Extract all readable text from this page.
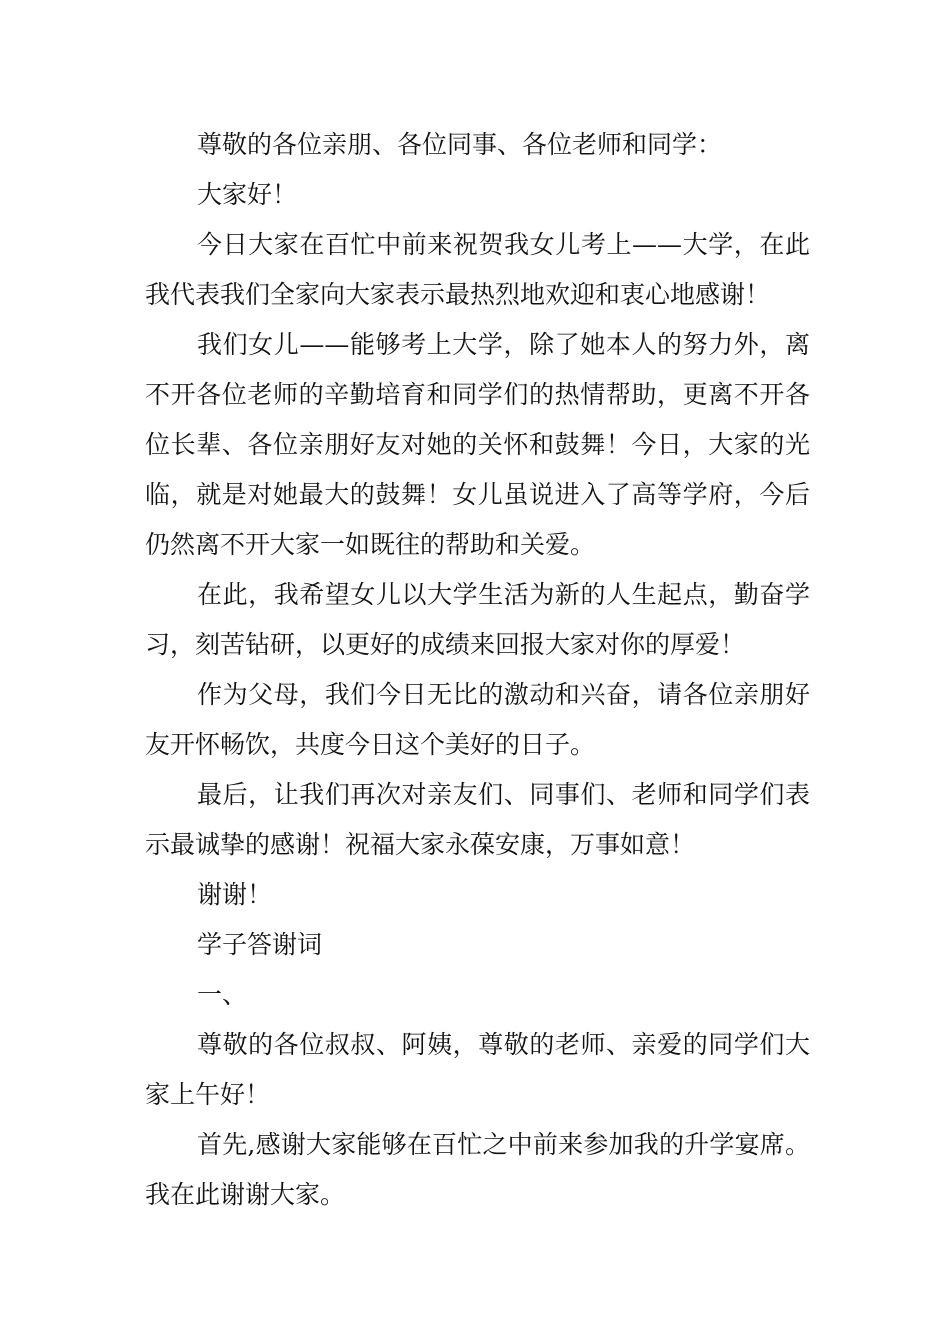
尊敬的各位亲朋、各位同事、各位老师和同学：

大家好！

今日大家在百忙中前来祝贺我女儿考上——大学，在此我代表我们全家向大家表示最热烈地欢迎和衷心地感谢！

我们女儿——能够考上大学，除了她本人的努力外，离不开各位老师的辛勤培育和同学们的热情帮助，更离不开各位长辈、各位亲朋好友对她的关怀和鼓舞！今日，大家的光临，就是对她最大的鼓舞！女儿虽说进入了高等学府，今后仍然离不开大家一如既往的帮助和关爱。

在此，我希望女儿以大学生活为新的人生起点，勤奋学习，刻苦钻研，以更好的成绩来回报大家对你的厚爱！

作为父母，我们今日无比的激动和兴奋，请各位亲朋好友开怀畅饮，共度今日这个美好的日子。

最后，让我们再次对亲友们、同事们、老师和同学们表示最诚挚的感谢！祝福大家永葆安康，万事如意！

谢谢！

学子答谢词

一、

尊敬的各位叔叔、阿姨，尊敬的老师、亲爱的同学们大家上午好！

首先,感谢大家能够在百忙之中前来参加我的升学宴席。我在此谢谢大家。
